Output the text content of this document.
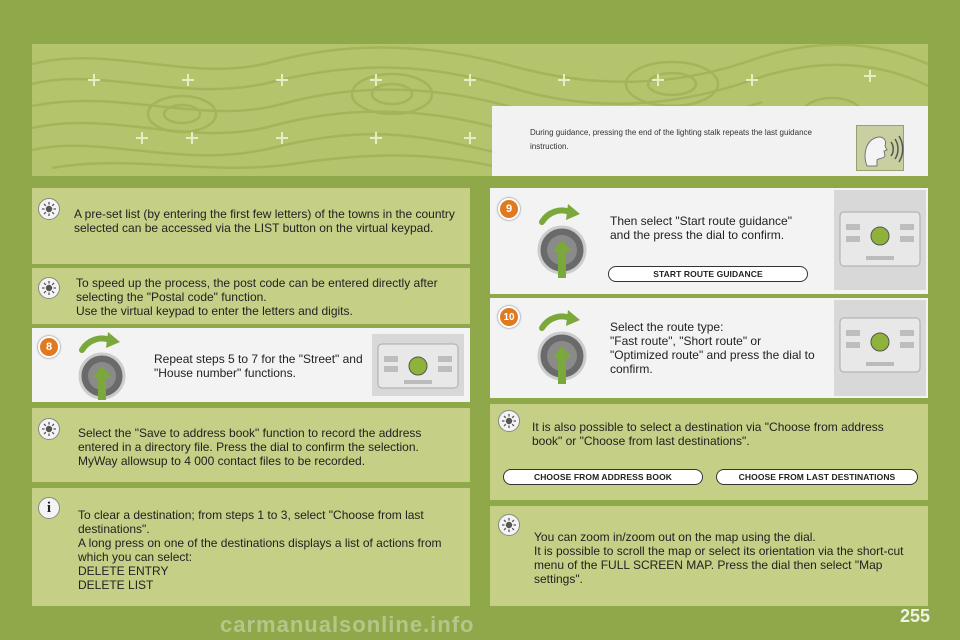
During guidance, pressing the end of the lighting stalk repeats the last guidance instruction.
A pre-set list (by entering the first few letters) of the towns in the country selected can be accessed via the LIST button on the virtual keypad.
To speed up the process, the post code can be entered directly after selecting the "Postal code" function.
Use the virtual keypad to enter the letters and digits.
8
Repeat steps 5 to 7 for the "Street" and "House number" functions.
Select the "Save to address book" function to record the address entered in a directory file. Press the dial to confirm the selection.
MyWay allowsup to 4 000 contact files to be recorded.
i	To clear a destination; from steps 1 to 3, select "Choose from last destinations".
A long press on one of the destinations displays a list of actions from which you can select:
DELETE ENTRY
DELETE LIST
9
Then select "Start route guidance" and the press the dial to confirm.
START ROUTE GUIDANCE
10
Select the route type:
"Fast route", "Short route" or "Optimized route" and press the dial to confirm.
It is also possible to select a destination via "Choose from address book" or "Choose from last destinations".
CHOOSE FROM ADDRESS BOOK	CHOOSE FROM LAST DESTINATIONS
You can zoom in/zoom out on the map using the dial.
It is possible to scroll the map or select its orientation via the short-cut menu of the FULL SCREEN MAP. Press the dial then select "Map settings".
255
carmanualsonline.info
